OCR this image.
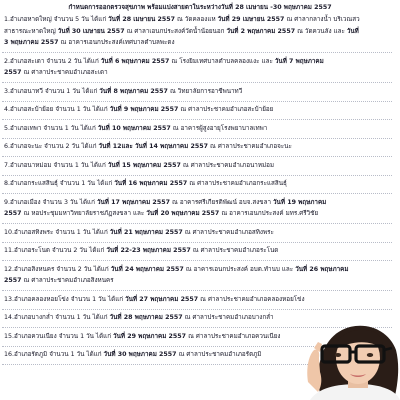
กำหนดการออกตรวจสุขภาพ พร้อมแบ่งสายตาในระหว่างวันที่ 28 เมษายน -30 พฤษภาคม 2557
1.อำเภอหาดใหญ่ จำนวน 5 วัน ได้แก่ วันที่ 28 เมษายน 2557 ณ วัดคลองแห วันที่ 29 เมษายน 2557 ณ ศาลากลางน้ำ บริเวณสว
สาธารณะหาดใหญ่ วันที่ 30 เมษายน 2557 ณ ศาลาเอนกประสงค์วัดน้ำน้อยนอก วันที่ 2 พฤษภาคม 2557 ณ วัดควนลัง และ วันที่
3 พฤษภาคม 2557 ณ อาคารเอนกประสงค์เทศบาลตำบลพะตง
2.อำเภอสะเดา จำนวน 2 วัน ได้แก่ วันที่ 6 พฤษภาคม 2557 ณ โรงยิมเทศบาลตำบลคลองแงะ และ วันที่ 7 พฤษภาคม
2557 ณ ศาลาประชาคมอำเภอสะเดา
3.อำเภอนาทวี จำนวน 1 วัน ได้แก่ วันที่ 8 พฤษภาคม 2557 ณ วิทยาลัยการอาชีพนาทวี
4.อำเภอสะบ้าย้อย จำนวน 1 วัน ได้แก่ วันที่ 9 พฤษภาคม 2557 ณ ศาลาประชาคมอำเภอสะบ้าย้อย
5.อำเภอเทพา จำนวน 1 วัน ได้แก่ วันที่ 10 พฤษภาคม 2557 ณ อาคารผู้สูงอายุโรงพยาบาลเทพา
6.อำเภอจะนะ จำนวน 2 วัน ได้แก่ วันที่ 12และ วันที่ 14 พฤษภาคม 2557 ณ ศาลาประชาคมอำเภอจะนะ
7.อำเภอนาหม่อม จำนวน 1 วัน ได้แก่ วันที่ 15 พฤษภาคม 2557 ณ ศาลาประชาคมอำเภอนาหม่อม
8.อำเภอกระแสสินธุ์ จำนวน 1 วัน ได้แก่ วันที่ 16 พฤษภาคม 2557 ณ ศาลาประชาคมอำเภอกระแสสินธุ์
9.อำเภอเมือง จำนวน 3 วัน ได้แก่ วันที่ 17 พฤษภาคม 2557 ณ อาคารศรีเกียรติพัฒน์ อบจ.สงขลา วันที่ 19 พฤษภาคม
2557 ณ หอประชุมมหาวิทยาลัยราชภัฏสงขลา และ วันที่ 20 พฤษภาคม 2557 ณ อาคารเอนกประสงค์ มทร.ศรีวิชัย
10.อำเภอสทิงพระ จำนวน 1 วัน ได้แก่ วันที่ 21 พฤษภาคม 2557 ณ ศาลาประชาคมอำเภอสทิงพระ
11.อำเภอระโนด จำนวน 2 วัน ได้แก่ วันที่ 22-23 พฤษภาคม 2557 ณ ศาลาประชาคมอำเภอระโนด
12.อำเภอสิงหนคร จำนวน 2 วัน ได้แก่ วันที่ 24 พฤษภาคม 2557 ณ อาคารเอนกประสงค์ อบต.ทำนบ และ วันที่ 26 พฤษภาคม
2557 ณ ศาลาประชาคมอำเภอสิงหนคร
13.อำเภอคลองหอยโข่ง จำนวน 1 วัน ได้แก่ วันที่ 27 พฤษภาคม 2557 ณ ศาลาประชาคมอำเภอคลองหอยโข่ง
14.อำเภอบางกล่ำ จำนวน 1 วัน ได้แก่ วันที่ 28 พฤษภาคม 2557 ณ ศาลาประชาคมอำเภอบางกล่ำ
15.อำเภอควนเนียง จำนวน 1 วัน ได้แก่ วันที่ 29 พฤษภาคม 2557 ณ ศาลาประชาคมอำเภอควนเนียง
16.อำเภอรัตภูมิ จำนวน 1 วัน ได้แก่ วันที่ 30 พฤษภาคม 2557 ณ ศาลาประชาคมอำเภอรัตภูมิ
